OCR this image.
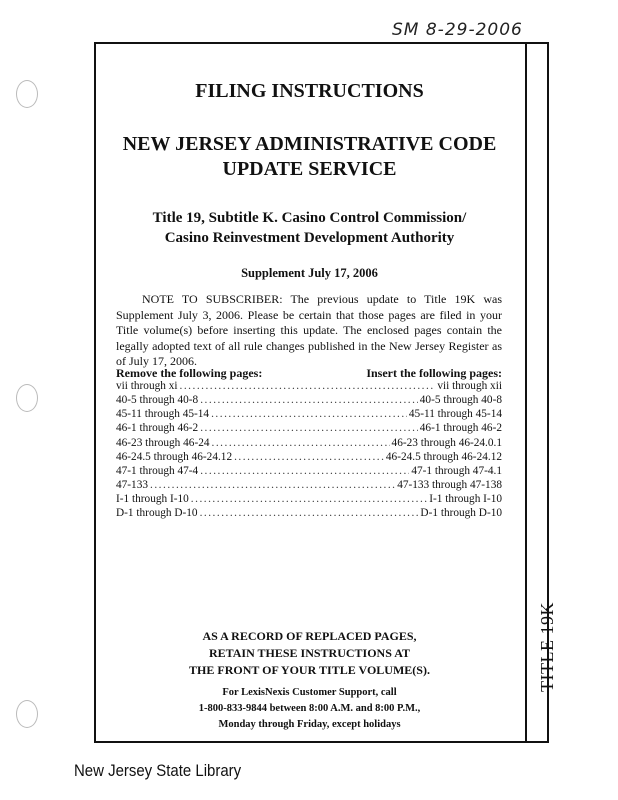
SM 8-29-2006
TITLE 19K
FILING INSTRUCTIONS
NEW JERSEY ADMINISTRATIVE CODE
UPDATE SERVICE
Title 19, Subtitle K. Casino Control Commission/
Casino Reinvestment Development Authority
Supplement July 17, 2006
NOTE TO SUBSCRIBER: The previous update to Title 19K was Supplement July 3, 2006. Please be certain that those pages are filed in your Title volume(s) before inserting this update. The enclosed pages contain the legally adopted text of all rule changes published in the New Jersey Register as of July 17, 2006.
Remove the following pages:	Insert the following pages:
vii through xi .....	vii through xii
40-5 through 40-8 .....	40-5 through 40-8
45-11 through 45-14 .....	45-11 through 45-14
46-1 through 46-2 .....	46-1 through 46-2
46-23 through 46-24 .....	46-23 through 46-24.0.1
46-24.5 through 46-24.12 .....	46-24.5 through 46-24.12
47-1 through 47-4 .....	47-1 through 47-4.1
47-133 .....	47-133 through 47-138
I-1 through I-10 .....	I-1 through I-10
D-1 through D-10 .....	D-1 through D-10
AS A RECORD OF REPLACED PAGES,
RETAIN THESE INSTRUCTIONS AT
THE FRONT OF YOUR TITLE VOLUME(S).
For LexisNexis Customer Support, call
1-800-833-9844 between 8:00 A.M. and 8:00 P.M.,
Monday through Friday, except holidays
New Jersey State Library
